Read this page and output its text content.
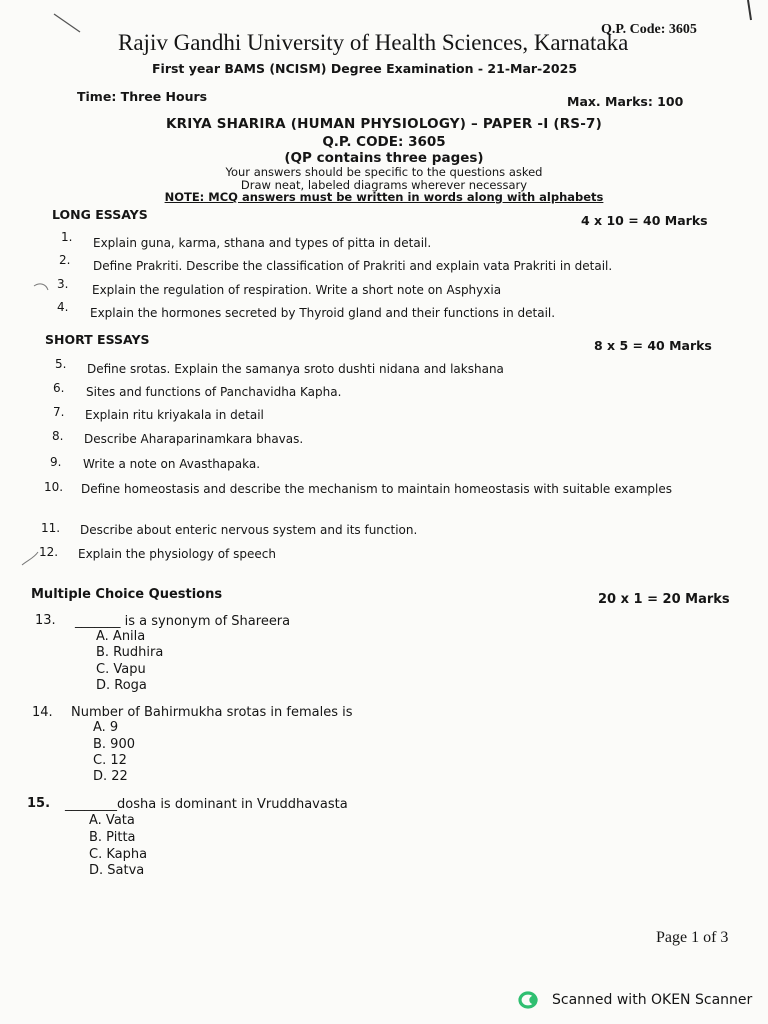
Q.P. Code: 3605
Rajiv Gandhi University of Health Sciences, Karnataka
First year BAMS (NCISM) Degree Examination - 21-Mar-2025
Time: Three Hours	Max. Marks: 100
KRIYA SHARIRA (HUMAN PHYSIOLOGY) – PAPER -I (RS-7)
Q.P. CODE: 3605
(QP contains three pages)
Your answers should be specific to the questions asked
Draw neat, labeled diagrams wherever necessary
NOTE: MCQ answers must be written in words along with alphabets
LONG ESSAYS	4 x 10 = 40 Marks
1. Explain guna, karma, sthana and types of pitta in detail.
2. Define Prakriti. Describe the classification of Prakriti and explain vata Prakriti in detail.
3. Explain the regulation of respiration. Write a short note on Asphyxia
4. Explain the hormones secreted by Thyroid gland and their functions in detail.
SHORT ESSAYS	8 x 5 = 40 Marks
5. Define srotas. Explain the samanya sroto dushti nidana and lakshana
6. Sites and functions of Panchavidha Kapha.
7. Explain ritu kriyakala in detail
8. Describe Aharaparinamkara bhavas.
9. Write a note on Avasthapaka.
10. Define homeostasis and describe the mechanism to maintain homeostasis with suitable examples
11. Describe about enteric nervous system and its function.
12. Explain the physiology of speech
Multiple Choice Questions	20 x 1 = 20 Marks
13. _______ is a synonym of Shareera
A. Anila
B. Rudhira
C. Vapu
D. Roga
14. Number of Bahirmukha srotas in females is
A. 9
B. 900
C. 12
D. 22
15. ________dosha is dominant in Vruddhavasta
A. Vata
B. Pitta
C. Kapha
D. Satva
Page 1 of 3
Scanned with OKEN Scanner
